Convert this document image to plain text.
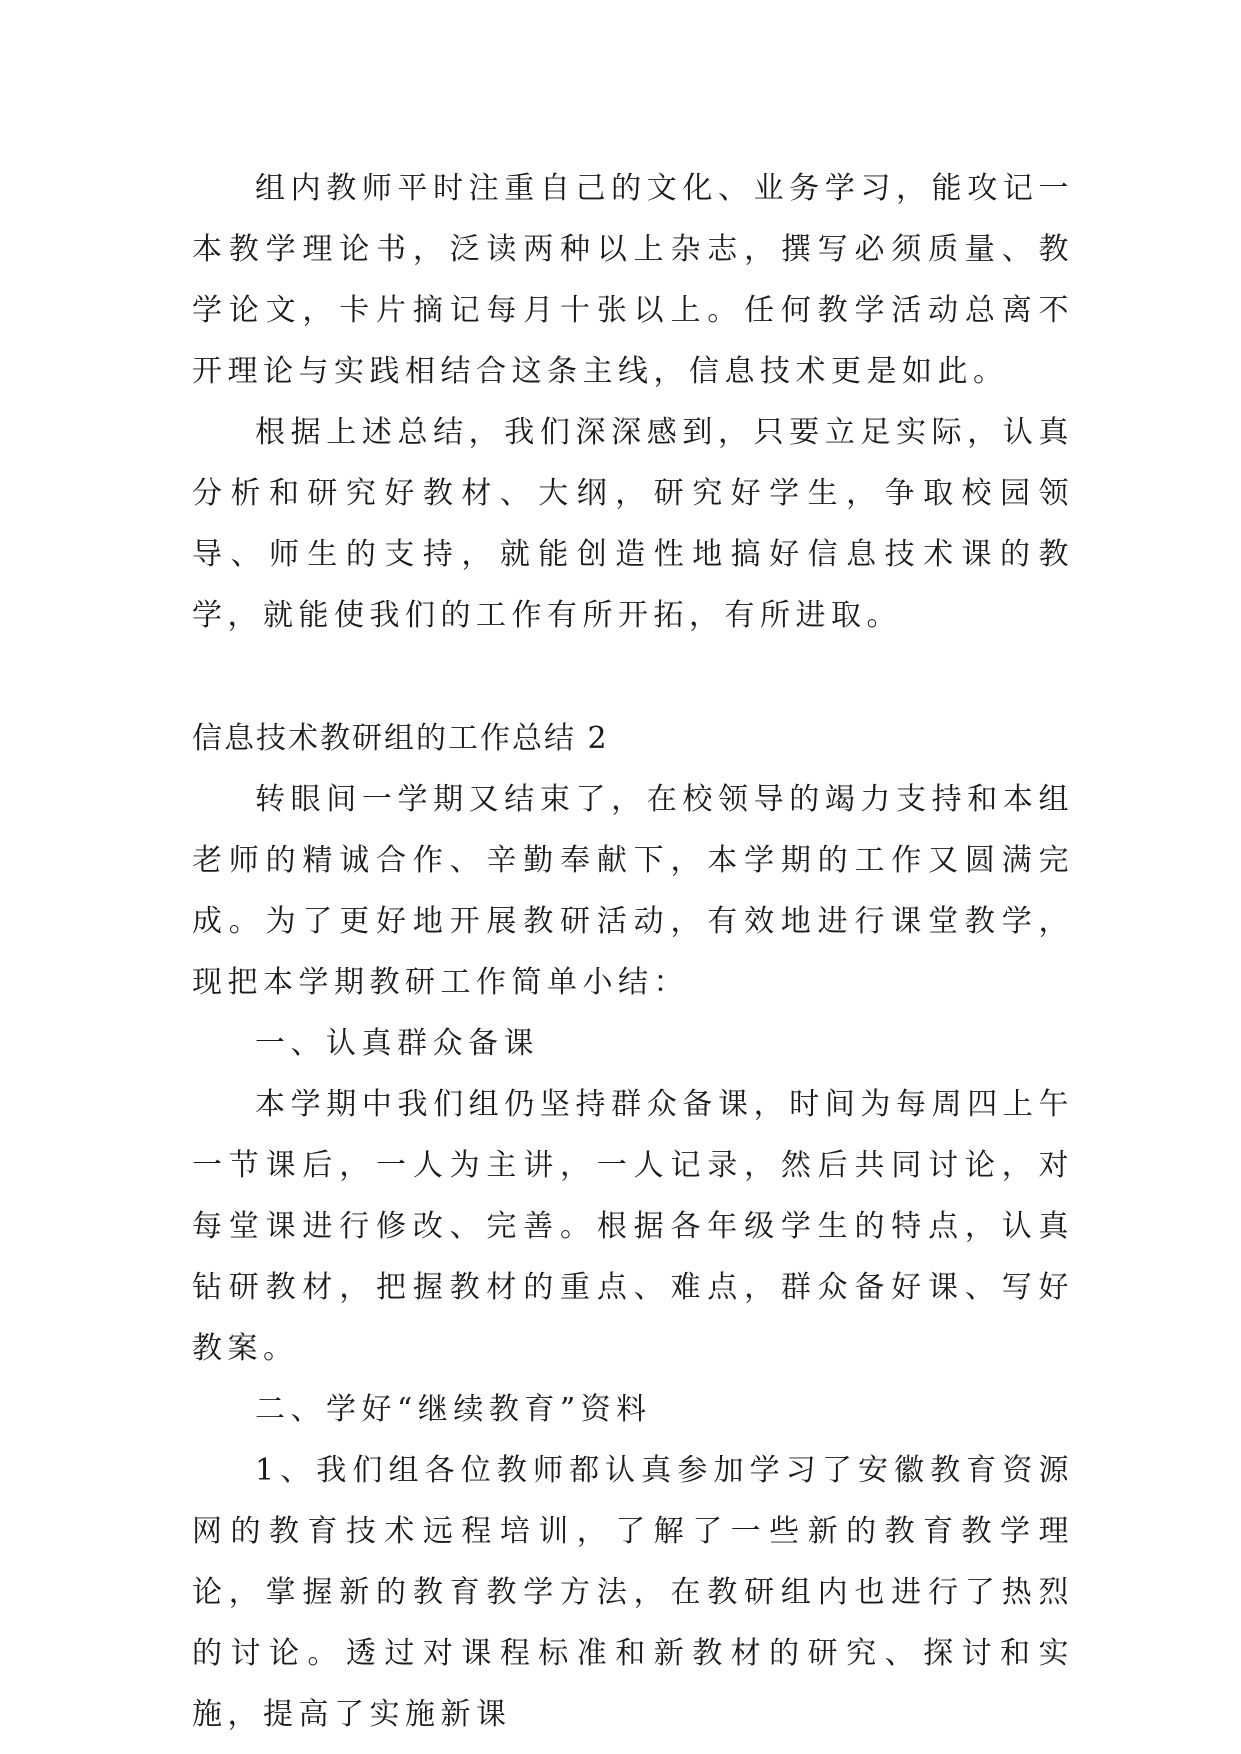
组内教师平时注重自己的文化、业务学习，能攻记一本教学理论书，泛读两种以上杂志，撰写必须质量、教学论文，卡片摘记每月十张以上。任何教学活动总离不开理论与实践相结合这条主线，信息技术更是如此。

根据上述总结，我们深深感到，只要立足实际，认真分析和研究好教材、大纲，研究好学生，争取校园领导、师生的支持，就能创造性地搞好信息技术课的教学，就能使我们的工作有所开拓，有所进取。

信息技术教研组的工作总结 2

转眼间一学期又结束了，在校领导的竭力支持和本组老师的精诚合作、辛勤奉献下，本学期的工作又圆满完成。为了更好地开展教研活动，有效地进行课堂教学，现把本学期教研工作简单小结：

一、认真群众备课

本学期中我们组仍坚持群众备课，时间为每周四上午一节课后，一人为主讲，一人记录，然后共同讨论，对每堂课进行修改、完善。根据各年级学生的特点，认真钻研教材，把握教材的重点、难点，群众备好课、写好教案。

二、学好“继续教育”资料

1、我们组各位教师都认真参加学习了安徽教育资源网的教育技术远程培训，了解了一些新的教育教学理论，掌握新的教育教学方法，在教研组内也进行了热烈的讨论。透过对课程标准和新教材的研究、探讨和实施，提高了实施新课
